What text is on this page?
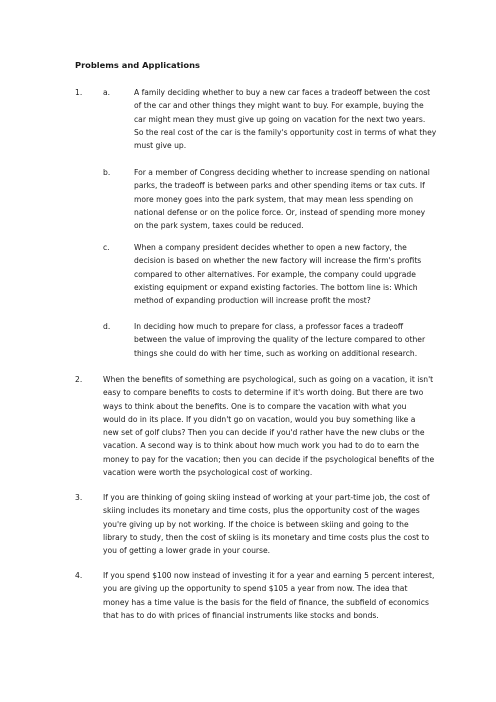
Problems and Applications
1.	a.	A family deciding whether to buy a new car faces a tradeoff between the cost
of the car and other things they might want to buy. For example, buying the
car might mean they must give up going on vacation for the next two years.
So the real cost of the car is the family's opportunity cost in terms of what they
must give up.

b.	For a member of Congress deciding whether to increase spending on national
parks, the tradeoff is between parks and other spending items or tax cuts. If
more money goes into the park system, that may mean less spending on
national defense or on the police force. Or, instead of spending more money
on the park system, taxes could be reduced.

c.	When a company president decides whether to open a new factory, the
decision is based on whether the new factory will increase the firm's profits
compared to other alternatives. For example, the company could upgrade
existing equipment or expand existing factories. The bottom line is: Which
method of expanding production will increase profit the most?

d.	In deciding how much to prepare for class, a professor faces a tradeoff
between the value of improving the quality of the lecture compared to other
things she could do with her time, such as working on additional research.

2.	When the benefits of something are psychological, such as going on a vacation, it isn't
easy to compare benefits to costs to determine if it's worth doing. But there are two
ways to think about the benefits. One is to compare the vacation with what you
would do in its place. If you didn't go on vacation, would you buy something like a
new set of golf clubs? Then you can decide if you'd rather have the new clubs or the
vacation. A second way is to think about how much work you had to do to earn the
money to pay for the vacation; then you can decide if the psychological benefits of the
vacation were worth the psychological cost of working.

3.	If you are thinking of going skiing instead of working at your part-time job, the cost of
skiing includes its monetary and time costs, plus the opportunity cost of the wages
you're giving up by not working. If the choice is between skiing and going to the
library to study, then the cost of skiing is its monetary and time costs plus the cost to
you of getting a lower grade in your course.

4.	If you spend $100 now instead of investing it for a year and earning 5 percent interest,
you are giving up the opportunity to spend $105 a year from now. The idea that
money has a time value is the basis for the field of finance, the subfield of economics
that has to do with prices of financial instruments like stocks and bonds.
